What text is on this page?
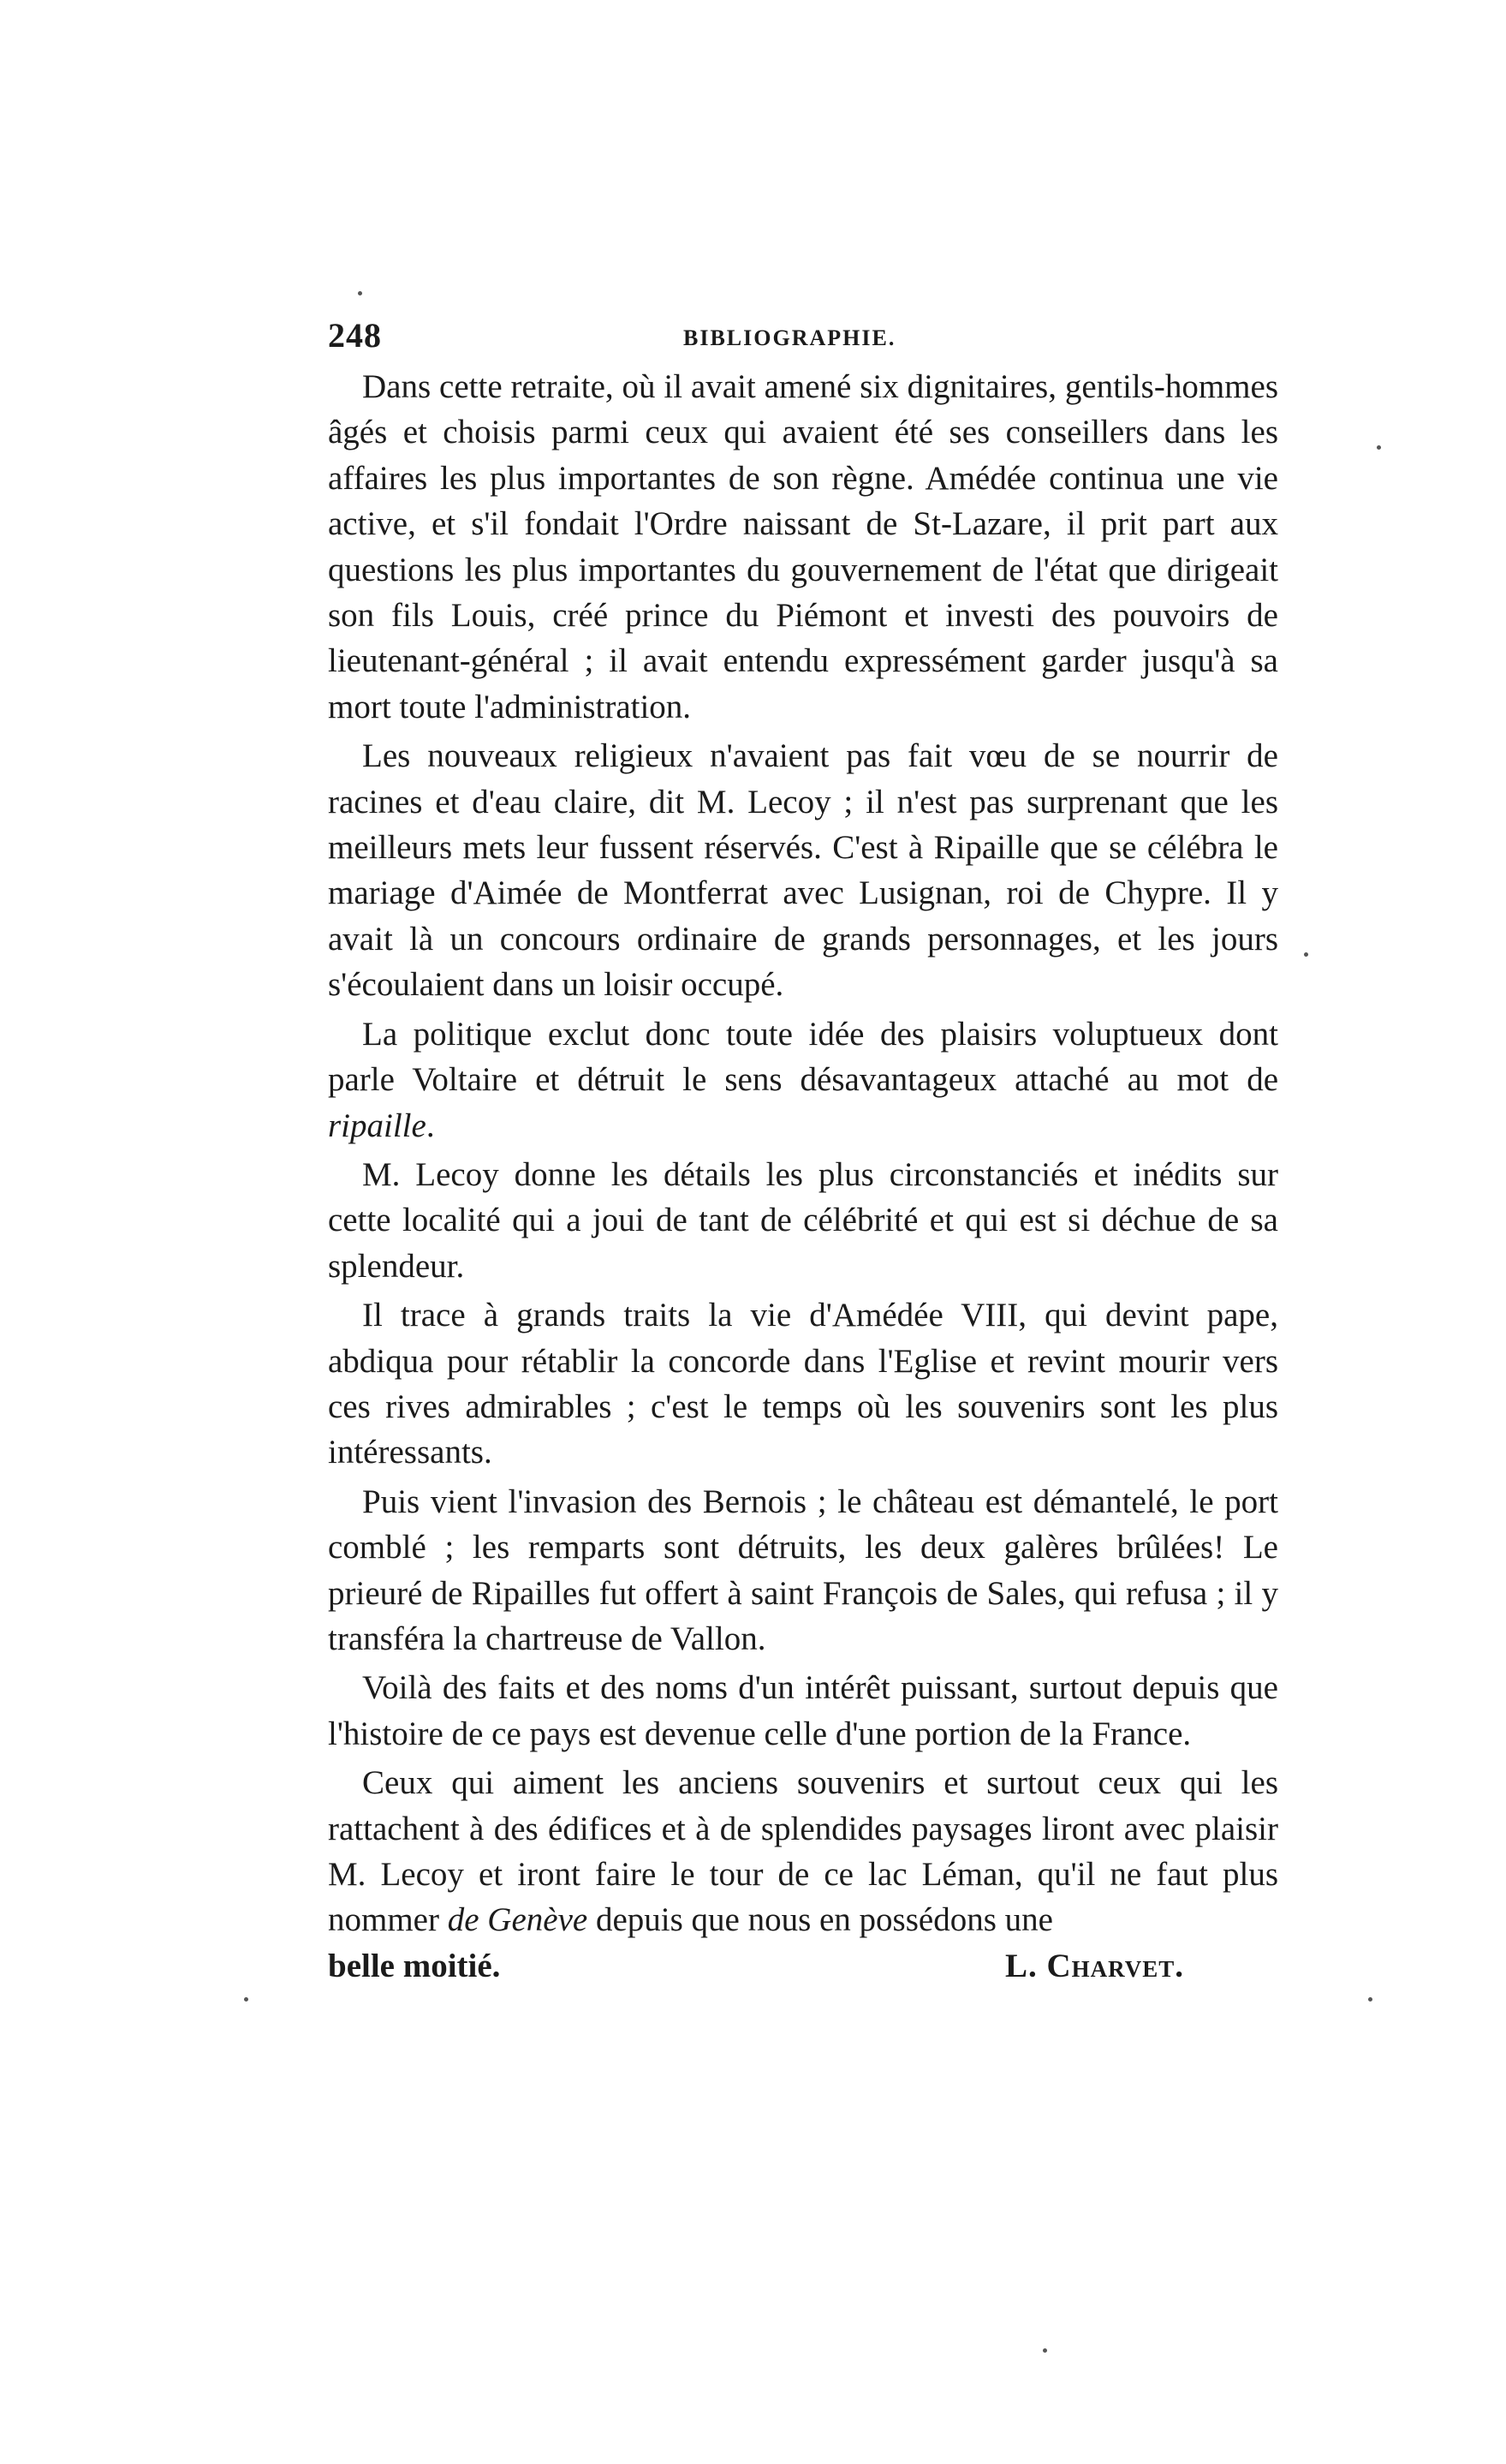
248	BIBLIOGRAPHIE.

Dans cette retraite, où il avait amené six dignitaires, gentils-hommes âgés et choisis parmi ceux qui avaient été ses conseillers dans les affaires les plus importantes de son règne. Amédée continua une vie active, et s'il fondait l'Ordre naissant de St-Lazare, il prit part aux questions les plus importantes du gouvernement de l'état que dirigeait son fils Louis, créé prince du Piémont et investi des pouvoirs de lieutenant-général ; il avait entendu expressément garder jusqu'à sa mort toute l'administration.

Les nouveaux religieux n'avaient pas fait vœu de se nourrir de racines et d'eau claire, dit M. Lecoy ; il n'est pas surprenant que les meilleurs mets leur fussent réservés. C'est à Ripaille que se célébra le mariage d'Aimée de Montferrat avec Lusignan, roi de Chypre. Il y avait là un concours ordinaire de grands personnages, et les jours s'écoulaient dans un loisir occupé.

La politique exclut donc toute idée des plaisirs voluptueux dont parle Voltaire et détruit le sens désavantageux attaché au mot de ripaille.

M. Lecoy donne les détails les plus circonstanciés et inédits sur cette localité qui a joui de tant de célébrité et qui est si déchue de sa splendeur.

Il trace à grands traits la vie d'Amédée VIII, qui devint pape, abdiqua pour rétablir la concorde dans l'Eglise et revint mourir vers ces rives admirables ; c'est le temps où les souvenirs sont les plus intéressants.

Puis vient l'invasion des Bernois ; le château est démantelé, le port comblé ; les remparts sont détruits, les deux galères brûlées! Le prieuré de Ripailles fut offert à saint François de Sales, qui refusa ; il y transféra la chartreuse de Vallon.

Voilà des faits et des noms d'un intérêt puissant, surtout depuis que l'histoire de ce pays est devenue celle d'une portion de la France.

Ceux qui aiment les anciens souvenirs et surtout ceux qui les rattachent à des édifices et à de splendides paysages liront avec plaisir M. Lecoy et iront faire le tour de ce lac Léman, qu'il ne faut plus nommer de Genève depuis que nous en possédons une

belle moitié.	L. Charvet.
